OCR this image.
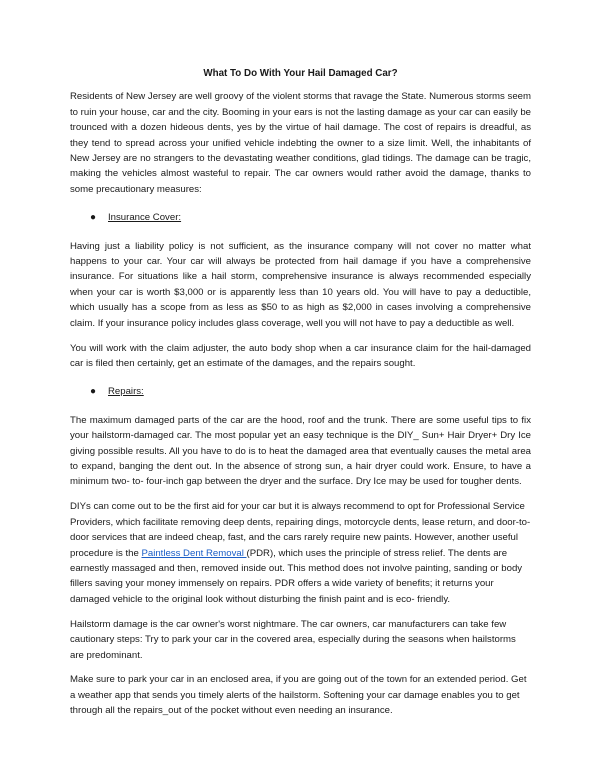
What To Do With Your Hail Damaged Car?

Residents of New Jersey are well groovy of the violent storms that ravage the State. Numerous storms seem to ruin your house, car and the city. Booming in your ears is not the lasting damage as your car can easily be trounced with a dozen hideous dents, yes by the virtue of hail damage. The cost of repairs is dreadful, as they tend to spread across your unified vehicle indebting the owner to a size limit. Well, the inhabitants of New Jersey are no strangers to the devastating weather conditions, glad tidings. The damage can be tragic, making the vehicles almost wasteful to repair. The car owners would rather avoid the damage, thanks to some precautionary measures:

●	Insurance Cover:

Having just a liability policy is not sufficient, as the insurance company will not cover no matter what happens to your car. Your car will always be protected from hail damage if you have a comprehensive insurance. For situations like a hail storm, comprehensive insurance is always recommended especially when your car is worth $3,000 or is apparently less than 10 years old. You will have to pay a deductible, which usually has a scope from as less as $50 to as high as $2,000 in cases involving a comprehensive claim. If your insurance policy includes glass coverage, well you will not have to pay a deductible as well.

You will work with the claim adjuster, the auto body shop when a car insurance claim for the hail-damaged car is filed then certainly, get an estimate of the damages, and the repairs sought.

●	Repairs:

The maximum damaged parts of the car are the hood, roof and the trunk. There are some useful tips to fix your hailstorm-damaged car. The most popular yet an easy technique is the DIY_ Sun+ Hair Dryer+ Dry Ice giving possible results. All you have to do is to heat the damaged area that eventually causes the metal area to expand, banging the dent out. In the absence of strong sun, a hair dryer could work. Ensure, to have a minimum two- to- four-inch gap between the dryer and the surface. Dry Ice may be used for tougher dents.

DIYs can come out to be the first aid for your car but it is always recommend to opt for Professional Service Providers, which facilitate removing deep dents, repairing dings, motorcycle dents, lease return, and door-to-door services that are indeed cheap, fast, and the cars rarely require new paints. However, another useful procedure is the Paintless Dent Removal (PDR), which uses the principle of stress relief. The dents are earnestly massaged and then, removed inside out. This method does not involve painting, sanding or body fillers saving your money immensely on repairs. PDR offers a wide variety of benefits; it returns your damaged vehicle to the original look without disturbing the finish paint and is eco- friendly.

Hailstorm damage is the car owner's worst nightmare. The car owners, car manufacturers can take few cautionary steps: Try to park your car in the covered area, especially during the seasons when hailstorms are predominant.

Make sure to park your car in an enclosed area, if you are going out of the town for an extended period. Get a weather app that sends you timely alerts of the hailstorm. Softening your car damage enables you to get through all the repairs_out of the pocket without even needing an insurance.
